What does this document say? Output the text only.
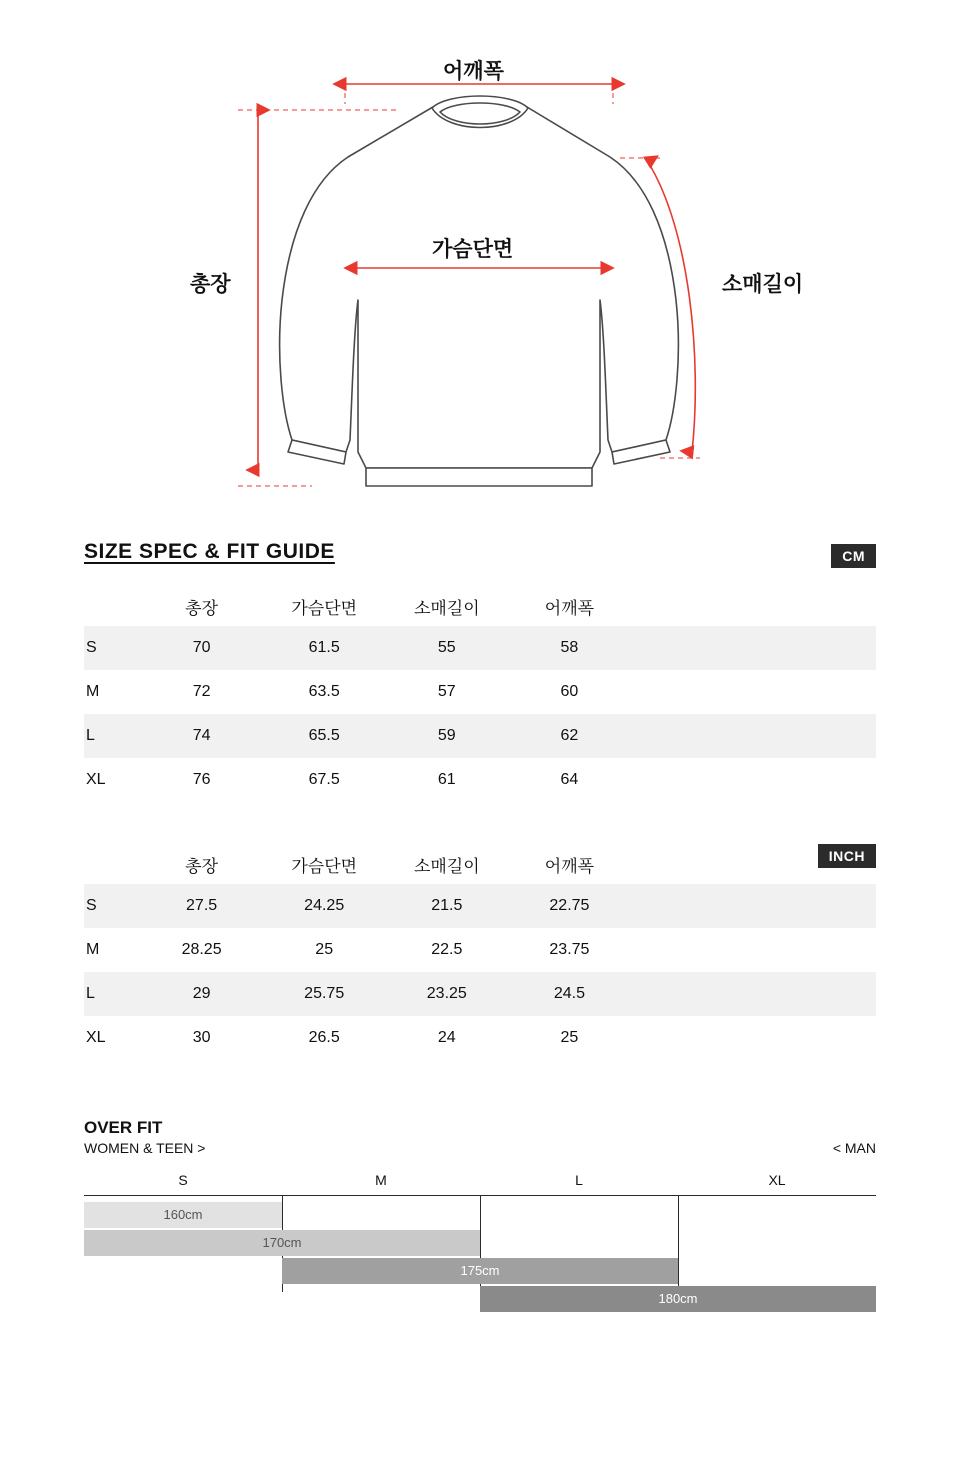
어깨폭
가슴단면
총장	소매길이
SIZE SPEC & FIT GUIDE	CM
	총장	가슴단면	소매길이	어깨폭		
S	70	61.5	55	58		
M	72	63.5	57	60		
L	74	65.5	59	62		
XL	76	67.5	61	64		
INCH
	총장	가슴단면	소매길이	어깨폭		
S	27.5	24.25	21.5	22.75		
M	28.25	25	22.5	23.75		
L	29	25.75	23.25	24.5		
XL	30	26.5	24	25		
OVER FIT
WOMEN & TEEN >	< MAN
S	M	L	XL
160cm
170cm
175cm
180cm
